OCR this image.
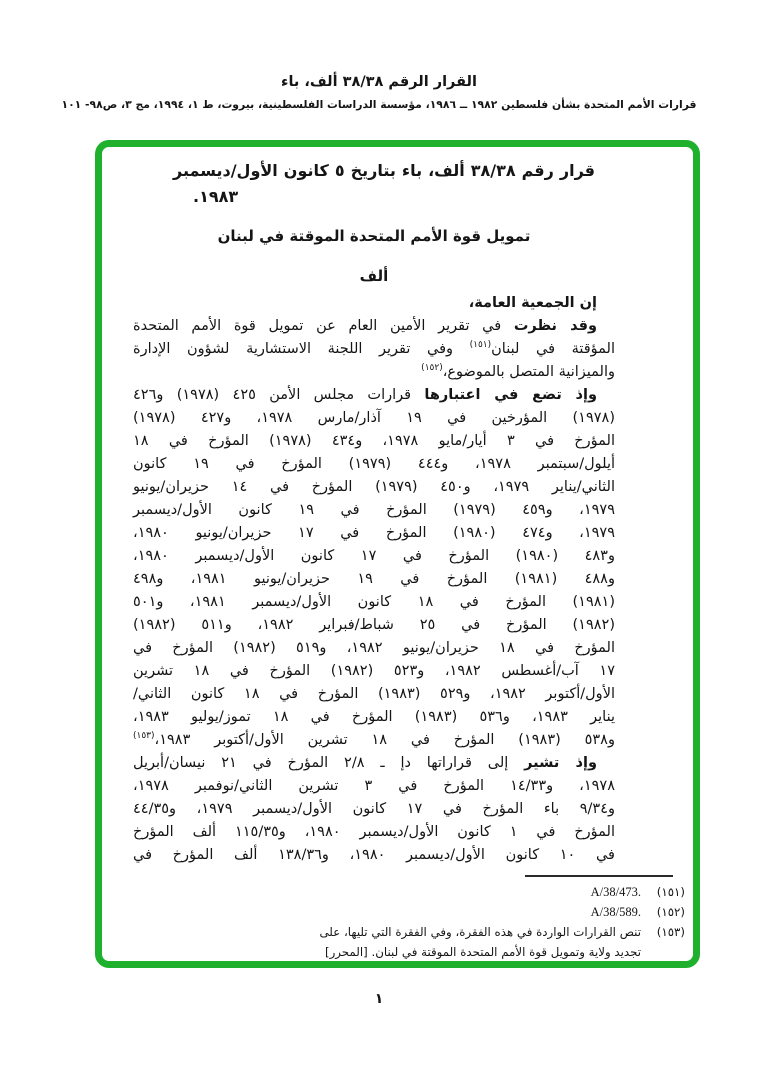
القرار الرقم ٣٨/٣٨ ألف، باء
قرارات الأمم المتحدة بشأن فلسطين ١٩٨٢ ــ ١٩٨٦، مؤسسة الدراسات الفلسطينية، بيروت، ط ١، ١٩٩٤، مج ٣، ص٩٨- ١٠١
قرار رقم ٣٨/٣٨ ألف، باء بتاريخ ٥ كانون الأول/ديسمبر
١٩٨٣.
تمويل قوة الأمم المتحدة الموقتة في لبنان
ألف
إن الجمعية العامة،
وقد نظرت في تقرير الأمين العام عن تمويل قوة الأمم المتحدة
المؤقتة في لبنان$^{(١٥١)}$ وفي تقرير اللجنة الاستشارية لشؤون الإدارة
والميزانية المتصل بالموضوع،$^{(١٥٢)}$
وإذ تضع في اعتبارها قرارات مجلس الأمن ٤٢٥ (١٩٧٨) و٤٢٦
(١٩٧٨) المؤرخين في ١٩ آذار/مارس ١٩٧٨، و٤٢٧ (١٩٧٨)
المؤرخ في ٣ أيار/مايو ١٩٧٨، و٤٣٤ (١٩٧٨) المؤرخ في ١٨
أيلول/سبتمبر ١٩٧٨، و٤٤٤ (١٩٧٩) المؤرخ في ١٩ كانون
الثاني/يناير ١٩٧٩، و٤٥٠ (١٩٧٩) المؤرخ في ١٤ حزيران/يونيو
١٩٧٩، و٤٥٩ (١٩٧٩) المؤرخ في ١٩ كانون الأول/ديسمبر
١٩٧٩، و٤٧٤ (١٩٨٠) المؤرخ في ١٧ حزيران/يونيو ١٩٨٠،
و٤٨٣ (١٩٨٠) المؤرخ في ١٧ كانون الأول/ديسمبر ١٩٨٠،
و٤٨٨ (١٩٨١) المؤرخ في ١٩ حزيران/يونيو ١٩٨١، و٤٩٨
(١٩٨١) المؤرخ في ١٨ كانون الأول/ديسمبر ١٩٨١، و٥٠١
(١٩٨٢) المؤرخ في ٢٥ شباط/فبراير ١٩٨٢، و٥١١ (١٩٨٢)
المؤرخ في ١٨ حزيران/يونيو ١٩٨٢، و٥١٩ (١٩٨٢) المؤرخ في
١٧ آب/أغسطس ١٩٨٢، و٥٢٣ (١٩٨٢) المؤرخ في ١٨ تشرين
الأول/أكتوبر ١٩٨٢، و٥٢٩ (١٩٨٣) المؤرخ في ١٨ كانون الثاني/
يناير ١٩٨٣، و٥٣٦ (١٩٨٣) المؤرخ في ١٨ تموز/يوليو ١٩٨٣،
و٥٣٨ (١٩٨٣) المؤرخ في ١٨ تشرين الأول/أكتوبر ١٩٨٣،$^{(١٥٣)}$
وإذ تشير إلى قراراتها دإ ـ ٢/٨ المؤرخ في ٢١ نيسان/أبريل
١٩٧٨، و١٤/٣٣ المؤرخ في ٣ تشرين الثاني/نوفمبر ١٩٧٨،
و٩/٣٤ باء المؤرخ في ١٧ كانون الأول/ديسمبر ١٩٧٩، و٤٤/٣٥
المؤرخ في ١ كانون الأول/ديسمبر ١٩٨٠، و١١٥/٣٥ ألف المؤرخ
في ١٠ كانون الأول/ديسمبر ١٩٨٠، و١٣٨/٣٦ ألف المؤرخ في
(١٥١)
A/38/473.
(١٥٢)
A/38/589.
(١٥٣)
تنص القرارات الواردة في هذه الفقرة، وفي الفقرة التي تليها، على
تجديد ولاية وتمويل قوة الأمم المتحدة الموقتة في لبنان. [المحرر]
١
